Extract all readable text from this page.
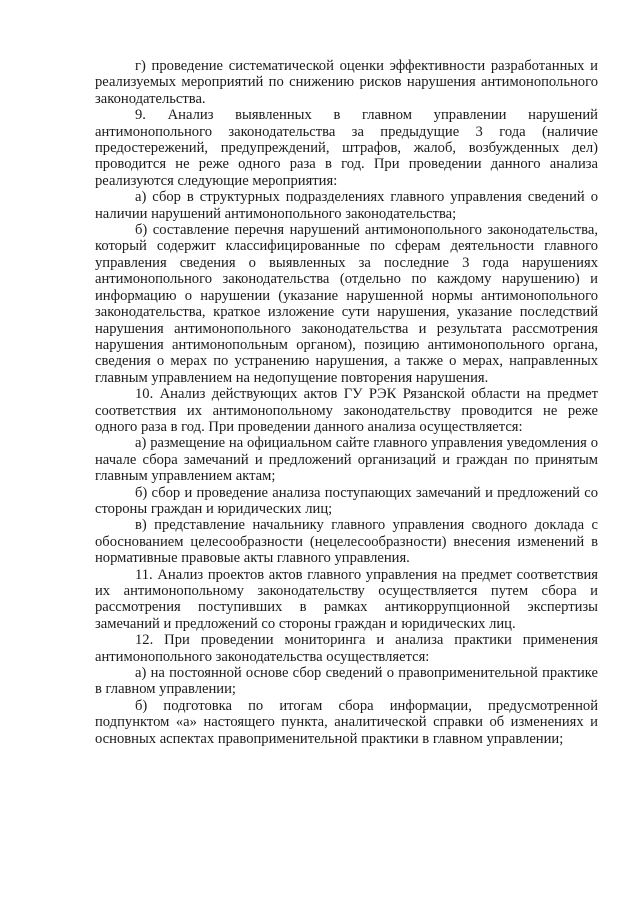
г) проведение систематической оценки эффективности разработанных и реализуемых мероприятий по снижению рисков нарушения антимонопольного законодательства.

9. Анализ выявленных в главном управлении нарушений антимонопольного законодательства за предыдущие 3 года (наличие предостережений, предупреждений, штрафов, жалоб, возбужденных дел) проводится не реже одного раза в год. При проведении данного анализа реализуются следующие мероприятия:

а) сбор в структурных подразделениях главного управления сведений о наличии нарушений антимонопольного законодательства;

б) составление перечня нарушений антимонопольного законодательства, который содержит классифицированные по сферам деятельности главного управления сведения о выявленных за последние 3 года нарушениях антимонопольного законодательства (отдельно по каждому нарушению) и информацию о нарушении (указание нарушенной нормы антимонопольного законодательства, краткое изложение сути нарушения, указание последствий нарушения антимонопольного законодательства и результата рассмотрения нарушения антимонопольным органом), позицию антимонопольного органа, сведения о мерах по устранению нарушения, а также о мерах, направленных главным управлением на недопущение повторения нарушения.

10. Анализ действующих актов ГУ РЭК Рязанской области на предмет соответствия их антимонопольному законодательству проводится не реже одного раза в год. При проведении данного анализа осуществляется:

а) размещение на официальном сайте главного управления уведомления о начале сбора замечаний и предложений организаций и граждан по принятым главным управлением актам;

б) сбор и проведение анализа поступающих замечаний и предложений со стороны граждан и юридических лиц;

в) представление начальнику главного управления сводного доклада с обоснованием целесообразности (нецелесообразности) внесения изменений в нормативные правовые акты главного управления.

11. Анализ проектов актов главного управления на предмет соответствия их антимонопольному законодательству осуществляется путем сбора и рассмотрения поступивших в рамках антикоррупционной экспертизы замечаний и предложений со стороны граждан и юридических лиц.

12. При проведении мониторинга и анализа практики применения антимонопольного законодательства осуществляется:

а) на постоянной основе сбор сведений о правоприменительной практике в главном управлении;

б) подготовка по итогам сбора информации, предусмотренной подпунктом «а» настоящего пункта, аналитической справки об изменениях и основных аспектах правоприменительной практики в главном управлении;
